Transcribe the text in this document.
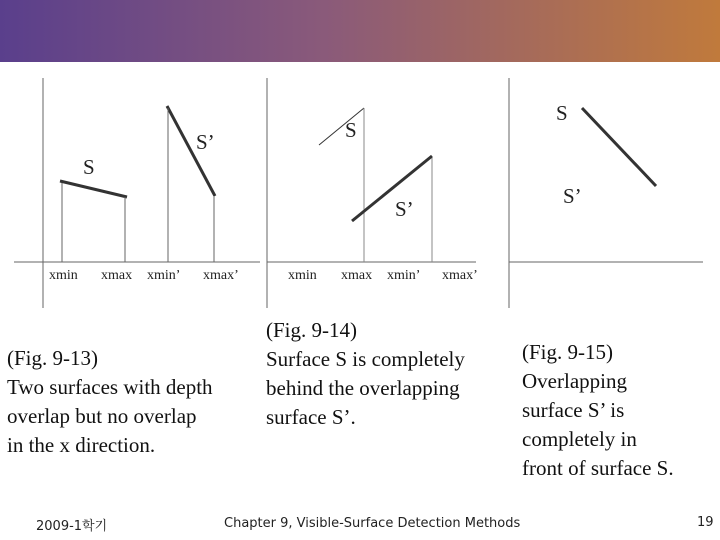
S
S’
xmin xmax xmin’ xmax’
S
S’
xmin xmax xmin’ xmax’
S
S’
(Fig. 9-13)
Two surfaces with depth
overlap but no overlap
in the x direction.
(Fig. 9-14)
Surface S is completely
behind the overlapping
surface S’.
(Fig. 9-15)
Overlapping
surface S’ is
completely in
front of surface S.
2009-1학기	Chapter 9, Visible-Surface Detection Methods	19
